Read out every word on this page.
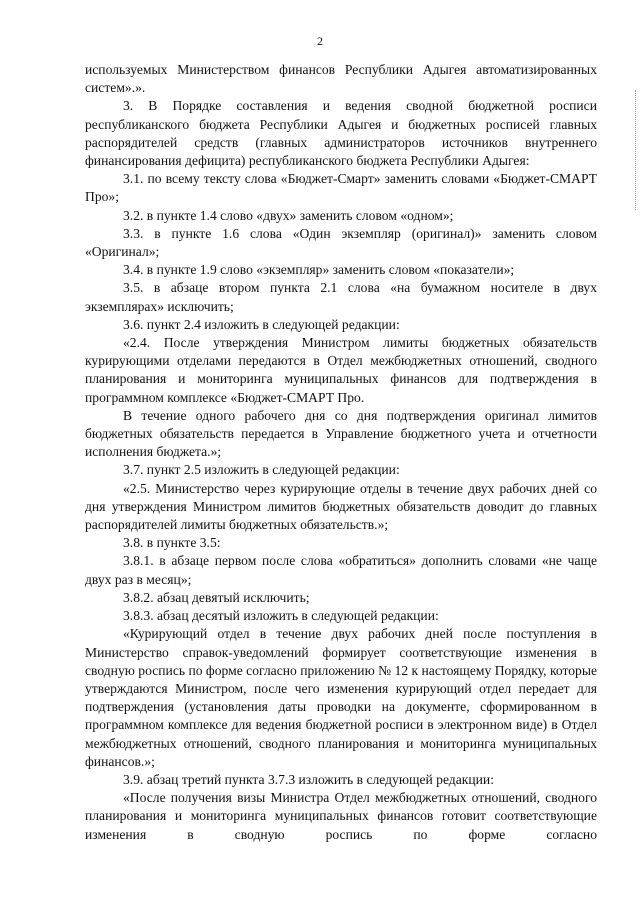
2

используемых Министерством финансов Республики Адыгея автоматизированных систем».».

3. В Порядке составления и ведения сводной бюджетной росписи республиканского бюджета Республики Адыгея и бюджетных росписей главных распорядителей средств (главных администраторов источников внутреннего финансирования дефицита) республиканского бюджета Республики Адыгея:

3.1. по всему тексту слова «Бюджет-Смарт» заменить словами «Бюджет-СМАРТ Про»;

3.2. в пункте 1.4 слово «двух» заменить словом «одном»;

3.3. в пункте 1.6 слова «Один экземпляр (оригинал)» заменить словом «Оригинал»;

3.4. в пункте 1.9 слово «экземпляр» заменить словом «показатели»;

3.5. в абзаце втором пункта 2.1 слова «на бумажном носителе в двух экземплярах» исключить;

3.6. пункт 2.4 изложить в следующей редакции:

«2.4. После утверждения Министром лимиты бюджетных обязательств курирующими отделами передаются в Отдел межбюджетных отношений, сводного планирования и мониторинга муниципальных финансов для подтверждения в программном комплексе «Бюджет-СМАРТ Про.

В течение одного рабочего дня со дня подтверждения оригинал лимитов бюджетных обязательств передается в Управление бюджетного учета и отчетности исполнения бюджета.»;

3.7. пункт 2.5 изложить в следующей редакции:

«2.5. Министерство через курирующие отделы в течение двух рабочих дней со дня утверждения Министром лимитов бюджетных обязательств доводит до главных распорядителей лимиты бюджетных обязательств.»;

3.8. в пункте 3.5:

3.8.1. в абзаце первом после слова «обратиться» дополнить словами «не чаще двух раз в месяц»;

3.8.2. абзац девятый исключить;

3.8.3. абзац десятый изложить в следующей редакции:

«Курирующий отдел в течение двух рабочих дней после поступления в Министерство справок-уведомлений формирует соответствующие изменения в сводную роспись по форме согласно приложению № 12 к настоящему Порядку, которые утверждаются Министром, после чего изменения курирующий отдел передает для подтверждения (установления даты проводки на документе, сформированном в программном комплексе для ведения бюджетной росписи в электронном виде) в Отдел межбюджетных отношений, сводного планирования и мониторинга муниципальных финансов.»;

3.9. абзац третий пункта 3.7.3 изложить в следующей редакции:

«После получения визы Министра Отдел межбюджетных отношений, сводного планирования и мониторинга муниципальных финансов готовит соответствующие изменения в сводную роспись по форме согласно
